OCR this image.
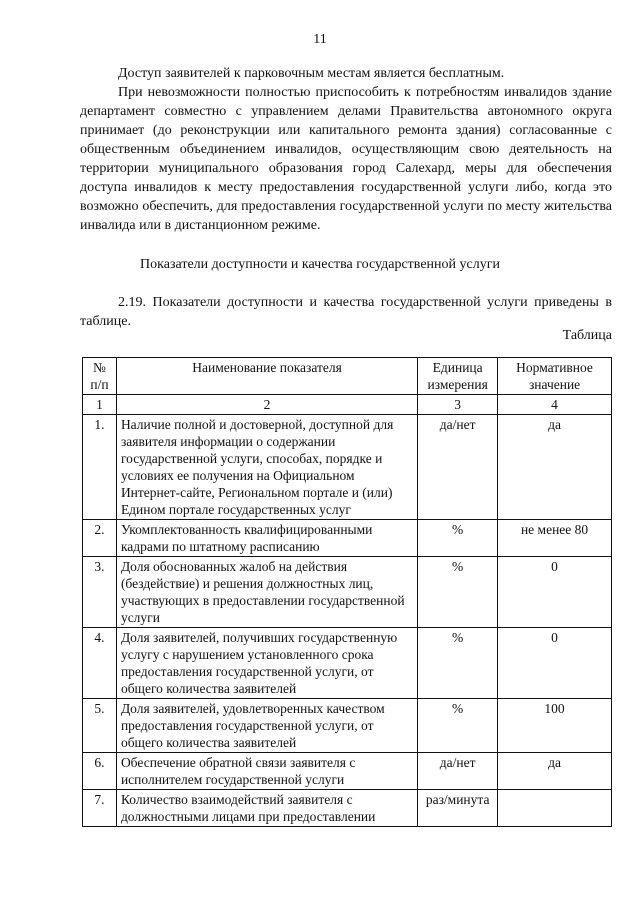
11

Доступ заявителей к парковочным местам является бесплатным.

При невозможности полностью приспособить к потребностям инвалидов здание департамент совместно с управлением делами Правительства автономного округа принимает (до реконструкции или капитального ремонта здания) согласованные с общественным объединением инвалидов, осуществляющим свою деятельность на территории муниципального образования город Салехард, меры для обеспечения доступа инвалидов к месту предоставления государственной услуги либо, когда это возможно обеспечить, для предоставления государственной услуги по месту жительства инвалида или в дистанционном режиме.

Показатели доступности и качества государственной услуги

2.19. Показатели доступности и качества государственной услуги приведены в таблице.

Таблица

№ п/п	Наименование показателя	Единица измерения	Нормативное значение
1	2	3	4
1.	Наличие полной и достоверной, доступной для заявителя информации о содержании государственной услуги, способах, порядке и условиях ее получения на Официальном Интернет-сайте, Региональном портале и (или) Едином портале государственных услуг	да/нет	да
2.	Укомплектованность квалифицированными кадрами по штатному расписанию	%	не менее 80
3.	Доля обоснованных жалоб на действия (бездействие) и решения должностных лиц, участвующих в предоставлении государственной услуги	%	0
4.	Доля заявителей, получивших государственную услугу с нарушением установленного срока предоставления государственной услуги, от общего количества заявителей	%	0
5.	Доля заявителей, удовлетворенных качеством предоставления государственной услуги, от общего количества заявителей	%	100
6.	Обеспечение обратной связи заявителя с исполнителем государственной услуги	да/нет	да
7.	Количество взаимодействий заявителя с должностными лицами при предоставлении	раз/минута	
